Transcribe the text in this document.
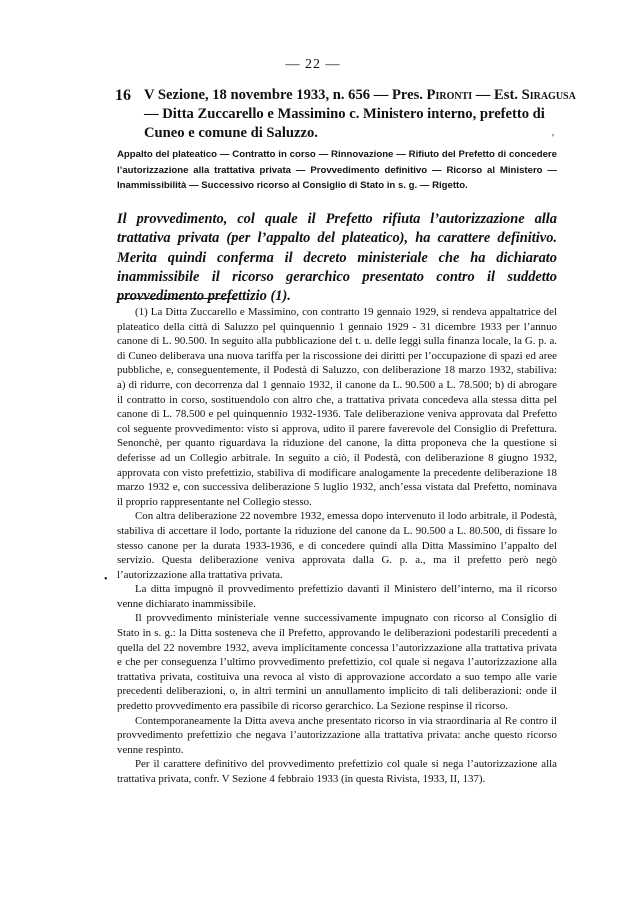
— 22 —
ʹ
16 V Sezione, 18 novembre 1933, n. 656 — Pres. Pironti — Est. Siragusa — Ditta Zuccarello e Massimino c. Ministero interno, prefetto di Cuneo e comune di Saluzzo.
Appalto del plateatico — Contratto in corso — Rinnovazione — Rifiuto del Prefetto di concedere l’autorizzazione alla trattativa privata — Provvedimento definitivo — Ricorso al Ministero — Inammissibilità — Successivo ricorso al Consiglio di Stato in s. g. — Rigetto.
Il provvedimento, col quale il Prefetto rifiuta l’autorizzazione alla trattativa privata (per l’appalto del plateatico), ha carattere definitivo. Merita quindi conferma il decreto ministeriale che ha dichiarato inammissibile il ricorso gerarchico presentato contro il suddetto provvedimento prefettizio (1).

(1) La Ditta Zuccarello e Massimino, con contratto 19 gennaio 1929, si rendeva appaltatrice del plateatico della città di Saluzzo pel quinquennio 1 gennaio 1929 - 31 dicembre 1933 per l’annuo canone di L. 90.500. In seguito alla pubblicazione del t. u. delle leggi sulla finanza locale, la G. p. a. di Cuneo deliberava una nuova tariffa per la riscossione dei diritti per l’occupazione di spazi ed aree pubbliche, e, conseguentemente, il Podestà di Saluzzo, con deliberazione 18 marzo 1932, stabiliva: a) di ridurre, con decorrenza dal 1 gennaio 1932, il canone da L. 90.500 a L. 78.500; b) di abrogare il contratto in corso, sostituendolo con altro che, a trattativa privata concedeva alla stessa ditta pel canone di L. 78.500 e pel quinquennio 1932-1936. Tale deliberazione veniva approvata dal Prefetto col seguente provvedimento: visto si approva, udito il parere faverevole del Consiglio di Prefettura. Senonchè, per quanto riguardava la riduzione del canone, la ditta proponeva che la questione si deferisse ad un Collegio arbitrale. In seguito a ciò, il Podestà, con deliberazione 8 giugno 1932, approvata con visto prefettizio, stabiliva di modificare analogamente la precedente deliberazione 18 marzo 1932 e, con successiva deliberazione 5 luglio 1932, anch’essa vistata dal Prefetto, nominava il proprio rappresentante nel Collegio stesso.

Con altra deliberazione 22 novembre 1932, emessa dopo intervenuto il lodo arbitrale, il Podestà, stabiliva di accettare il lodo, portante la riduzione del canone da L. 90.500 a L. 80.500, di fissare lo stesso canone per la durata 1933-1936, e di concedere quindi alla Ditta Massimino l’appalto del servizio. Questa deliberazione veniva approvata dalla G. p. a., ma il prefetto però negò l’autorizzazione alla trattativa privata.

La ditta impugnò il provvedimento prefettizio davanti il Ministero dell’interno, ma il ricorso venne dichiarato inammissibile.

Il provvedimento ministeriale venne successivamente impugnato con ricorso al Consiglio di Stato in s. g.: la Ditta sosteneva che il Prefetto, approvando le deliberazioni podestarili precedenti a quella del 22 novembre 1932, aveva implicitamente concessa l’autorizzazione alla trattativa privata e che per conseguenza l’ultimo provvedimento prefettizio, col quale si negava l’autorizzazione alla trattativa privata, costituiva una revoca al visto di approvazione accordato a suo tempo alle varie precedenti deliberazioni, o, in altri termini un annullamento implicito di tali deliberazioni: onde il predetto provvedimento era passibile di ricorso gerarchico. La Sezione respinse il ricorso.

Contemporaneamente la Ditta aveva anche presentato ricorso in via straordinaria al Re contro il provvedimento prefettizio che negava l’autorizzazione alla trattativa privata: anche questo ricorso venne respinto.

Per il carattere definitivo del provvedimento prefettizio col quale si nega l’autorizzazione alla trattativa privata, confr. V Sezione 4 febbraio 1933 (in questa Rivista, 1933, II, 137).

•
